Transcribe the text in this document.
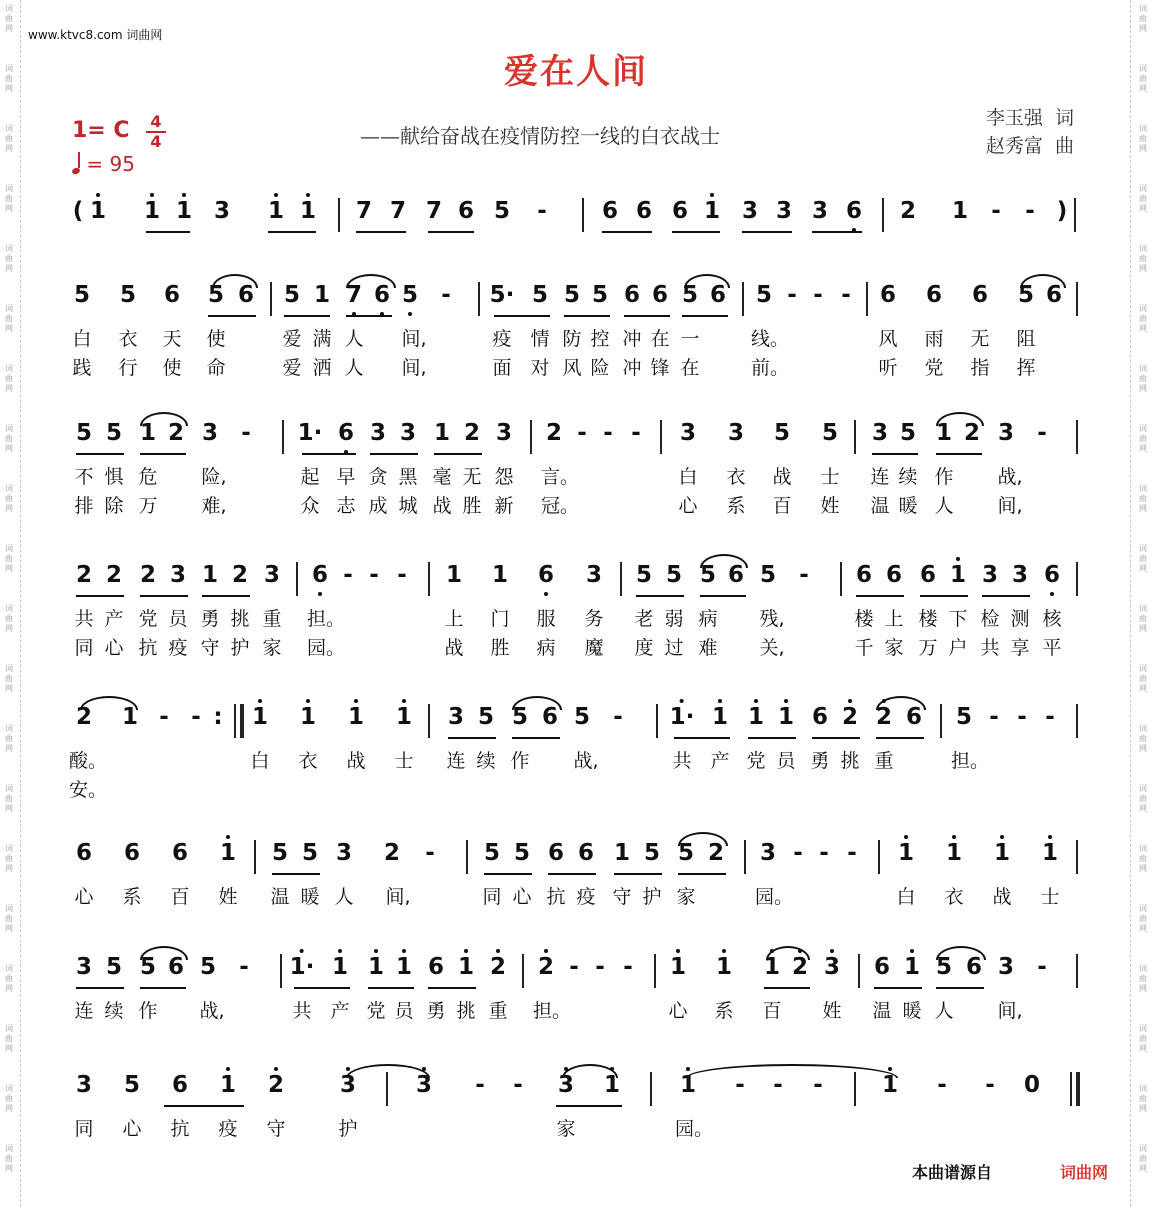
词
曲
网
词
曲
网
词
曲
网
词
曲
网
词
曲
网
词
曲
网
词
曲
网
词
曲
网
词
曲
网
词
曲
网
词
曲
网
词
曲
网
词
曲
网
词
曲
网
词
曲
网
词
曲
网
词
曲
网
词
曲
网
词
曲
网
词
曲
网
词
曲
网
词
曲
网
词
曲
网
词
曲
网
词
曲
网
词
曲
网
词
曲
网
词
曲
网
词
曲
网
词
曲
网
词
曲
网
词
曲
网
词
曲
网
词
曲
网
词
曲
网
词
曲
网
词
曲
网
词
曲
网
词
曲
网
词
曲
网
www.ktvc8.com 词曲网
爱在人间
1= C 4
4
= 95
——献给奋战在疫情防控一线的白衣战士
李玉强  词
赵秀富  曲
( 1 1 1 3 1 1 7 7 7 6 5 - 6 6 6 1 3 3 3 6 2 1 - - )
5 5 6 5 6 5 1 7 6 5 - 5· 5 5 5 6 6 5 6 5 - - - 6 6 6 5 6
白 衣 天 使	爱 满 人 间,	疫 情 防 控 冲 在 一	线。	风 雨 无 阻
践 行 使 命	爱 洒 人 间,	面 对 风 险 冲 锋 在	前。	听 党 指 挥
5 5 1 2 3 - 1· 6 3 3 1 2 3 2 - - - 3 3 5 5 3 5 1 2 3 -
不 惧 危 险,	起 早 贪 黑 毫 无 怨 言。	白 衣 战 士 连 续 作 战,
排 除 万 难,	众 志 成 城 战 胜 新 冠。	心 系 百 姓 温 暖 人 间,
2 2 2 3 1 2 3 6 - - - 1 1 6 3 5 5 5 6 5 - 6 6 6 1 3 3 6
共 产 党 员 勇 挑 重 担。	上 门 服 务 老 弱 病 残,	楼 上 楼 下 检 测 核
同 心 抗 疫 守 护 家 园。	战 胜 病 魔 度 过 难 关,	千 家 万 户 共 享 平
2 1 - - : 1 1 1 1 3 5 5 6 5 - 1· 1 1 1 6 2 2 6 5 - - -
酸。	白 衣 战 士 连 续 作 战,	共 产 党 员 勇 挑 重	担。
安。
6 6 6 1 5 5 3 2 - 5 5 6 6 1 5 5 2 3 - - - 1 1 1 1
心 系 百 姓 温 暖 人 间,	同 心 抗 疫 守 护 家	园。	白 衣 战 士
3 5 5 6 5 - 1· 1 1 1 6 1 2 2 - - - 1 1 1 2 3 6 1 5 6 3 -
连 续 作 战,	共 产 党 员 勇 挑 重 担。	心 系 百 姓 温 暖 人 间,
3 5 6 1 2 3	3 - - 3 1	1 - - -	1 - - 0
同 心 抗 疫 守	护	家	园。
本曲谱源自	词曲网
